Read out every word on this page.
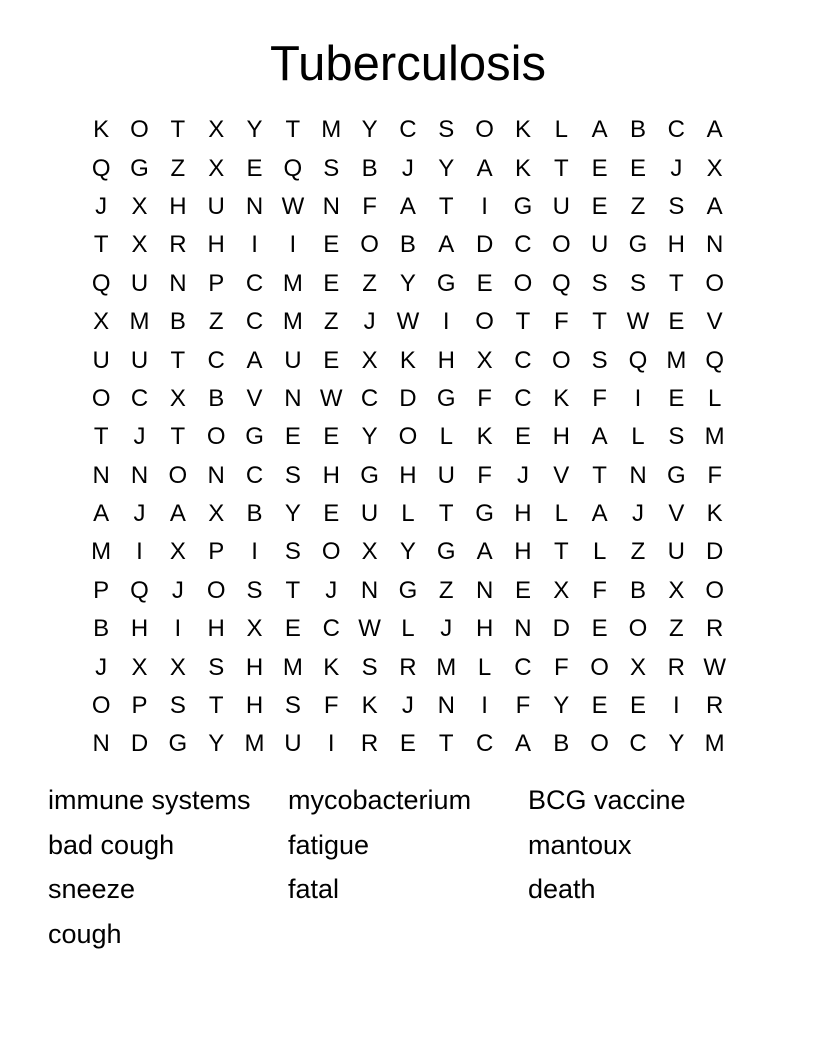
Tuberculosis
K O T X Y T M Y C S O K L A B C A
Q G Z X E Q S B	J	Y A K T E E	J	X
J	X H U N W N F A T	I	G U E Z S A
T X R H	I	I	E O B A D C O U G H N
Q U N P C M E Z Y G E O Q S S T O
X M B Z C M Z	J W I	O T F T W E V
U U T C A U E X K H X C O S Q M Q
O C X B V N W C D G F C K F	I	E L
T	J	T O G E E Y O L K E H A L S M
N N O N C S H G H U F	J	V T N G F
A	J	A X B Y E U L	T G H L A	J	V K
M	I	X P	I	S O X Y G A H T	L	Z U D
P Q J O S T	J N G Z N E X F B X O
B H	I	H X E C W L	J H N D E O Z R
J	X X S H M K S R M L C F O X R W
O P S T H S F K	J N	I	F Y E E	I	R
N D G Y M U	I	R E T C A B O C Y M
immune systems	mycobacterium	BCG vaccine
bad cough	fatigue	mantoux
sneeze	fatal	death
cough
